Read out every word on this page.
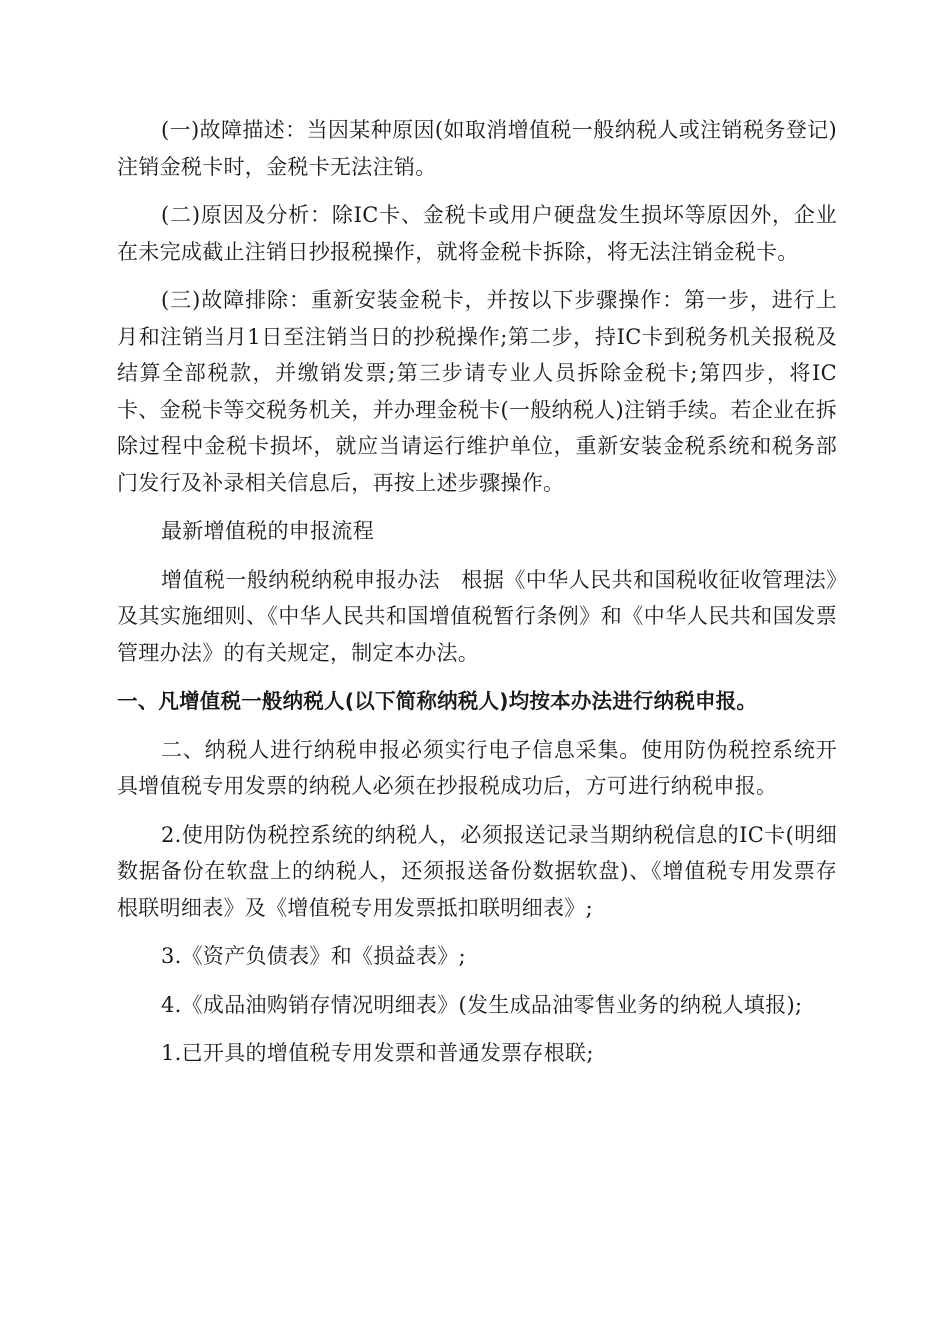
(一)故障描述：当因某种原因(如取消增值税一般纳税人或注销税务登记)注销金税卡时，金税卡无法注销。

(二)原因及分析：除IC卡、金税卡或用户硬盘发生损坏等原因外，企业在未完成截止注销日抄报税操作，就将金税卡拆除，将无法注销金税卡。

(三)故障排除：重新安装金税卡，并按以下步骤操作：第一步，进行上月和注销当月1日至注销当日的抄税操作;第二步，持IC卡到税务机关报税及结算全部税款，并缴销发票;第三步请专业人员拆除金税卡;第四步，将IC卡、金税卡等交税务机关，并办理金税卡(一般纳税人)注销手续。若企业在拆除过程中金税卡损坏，就应当请运行维护单位，重新安装金税系统和税务部门发行及补录相关信息后，再按上述步骤操作。

最新增值税的申报流程

增值税一般纳税纳税申报办法　根据《中华人民共和国税收征收管理法》及其实施细则、《中华人民共和国增值税暂行条例》和《中华人民共和国发票管理办法》的有关规定，制定本办法。

一、凡增值税一般纳税人(以下简称纳税人)均按本办法进行纳税申报。

二、纳税人进行纳税申报必须实行电子信息采集。使用防伪税控系统开具增值税专用发票的纳税人必须在抄报税成功后，方可进行纳税申报。

2.使用防伪税控系统的纳税人，必须报送记录当期纳税信息的IC卡(明细数据备份在软盘上的纳税人，还须报送备份数据软盘)、《增值税专用发票存根联明细表》及《增值税专用发票抵扣联明细表》;

3.《资产负债表》和《损益表》;

4.《成品油购销存情况明细表》(发生成品油零售业务的纳税人填报);

1.已开具的增值税专用发票和普通发票存根联;
